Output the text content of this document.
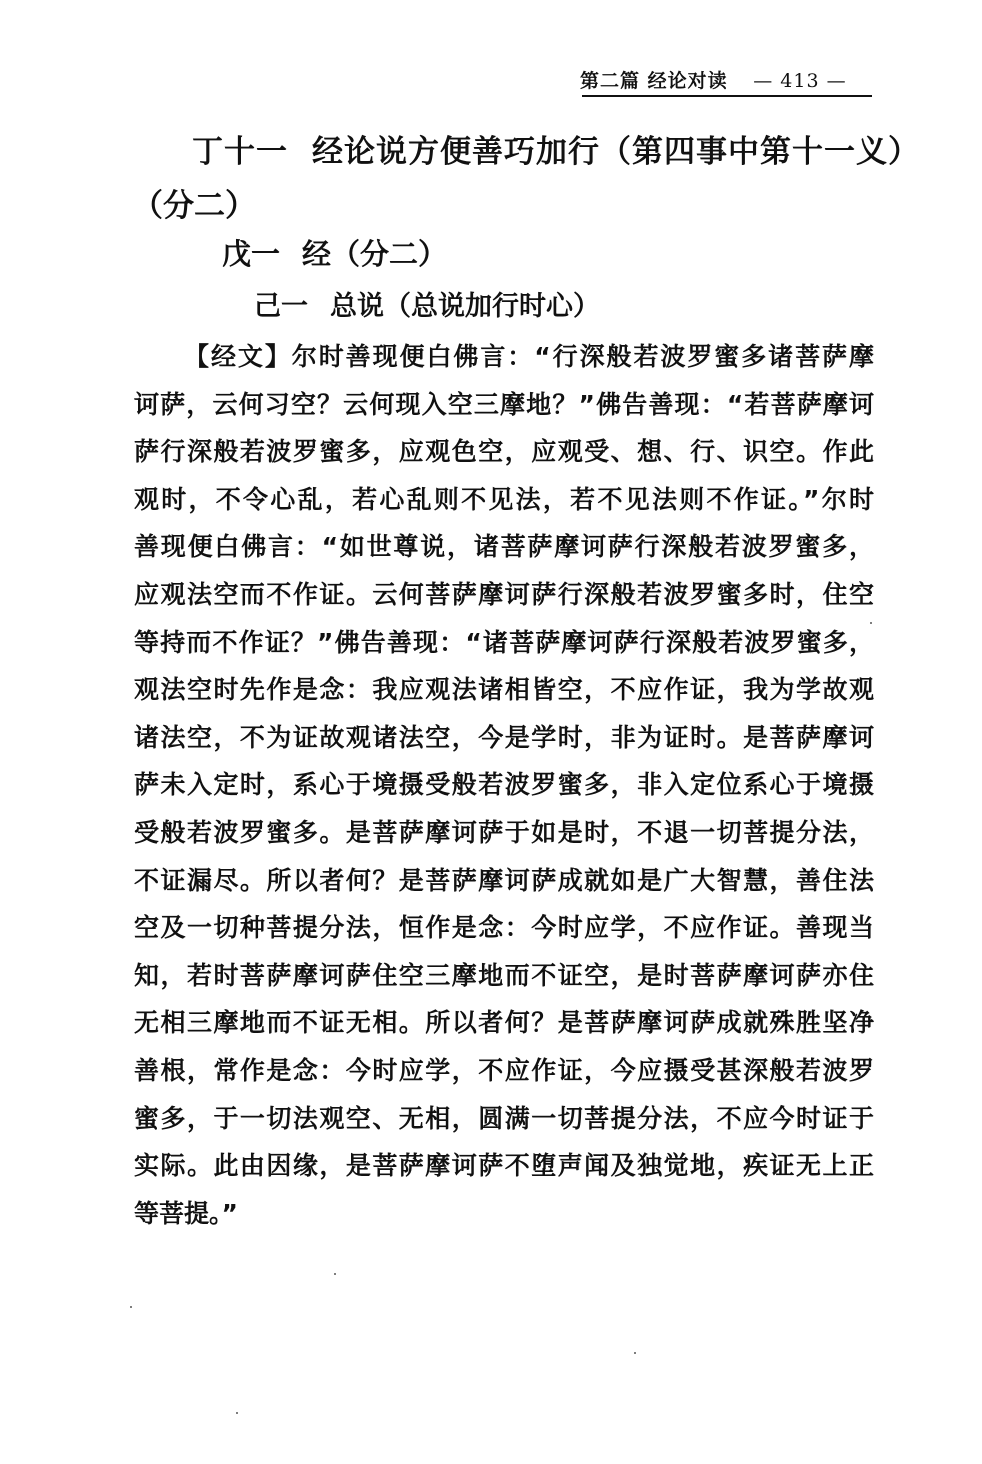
第二篇 经论对读 — 413 —
丁十一 经论说方便善巧加行（第四事中第十一义）
（分二）
戊一 经（分二）
己一 总说（总说加行时心）
【经文】尔时善现便白佛言：“行深般若波罗蜜多诸菩萨摩
诃萨，云何习空？云何现入空三摩地？”佛告善现：“若菩萨摩诃
萨行深般若波罗蜜多，应观色空，应观受、想、行、识空。作此
观时，不令心乱，若心乱则不见法，若不见法则不作证。”尔时
善现便白佛言：“如世尊说，诸菩萨摩诃萨行深般若波罗蜜多，
应观法空而不作证。云何菩萨摩诃萨行深般若波罗蜜多时，住空
等持而不作证？”佛告善现：“诸菩萨摩诃萨行深般若波罗蜜多，
观法空时先作是念：我应观法诸相皆空，不应作证，我为学故观
诸法空，不为证故观诸法空，今是学时，非为证时。是菩萨摩诃
萨未入定时，系心于境摄受般若波罗蜜多，非入定位系心于境摄
受般若波罗蜜多。是菩萨摩诃萨于如是时，不退一切菩提分法，
不证漏尽。所以者何？是菩萨摩诃萨成就如是广大智慧，善住法
空及一切种菩提分法，恒作是念：今时应学，不应作证。善现当
知，若时菩萨摩诃萨住空三摩地而不证空，是时菩萨摩诃萨亦住
无相三摩地而不证无相。所以者何？是菩萨摩诃萨成就殊胜坚净
善根，常作是念：今时应学，不应作证，今应摄受甚深般若波罗
蜜多，于一切法观空、无相，圆满一切菩提分法，不应今时证于
实际。此由因缘，是菩萨摩诃萨不堕声闻及独觉地，疾证无上正
等菩提。”
